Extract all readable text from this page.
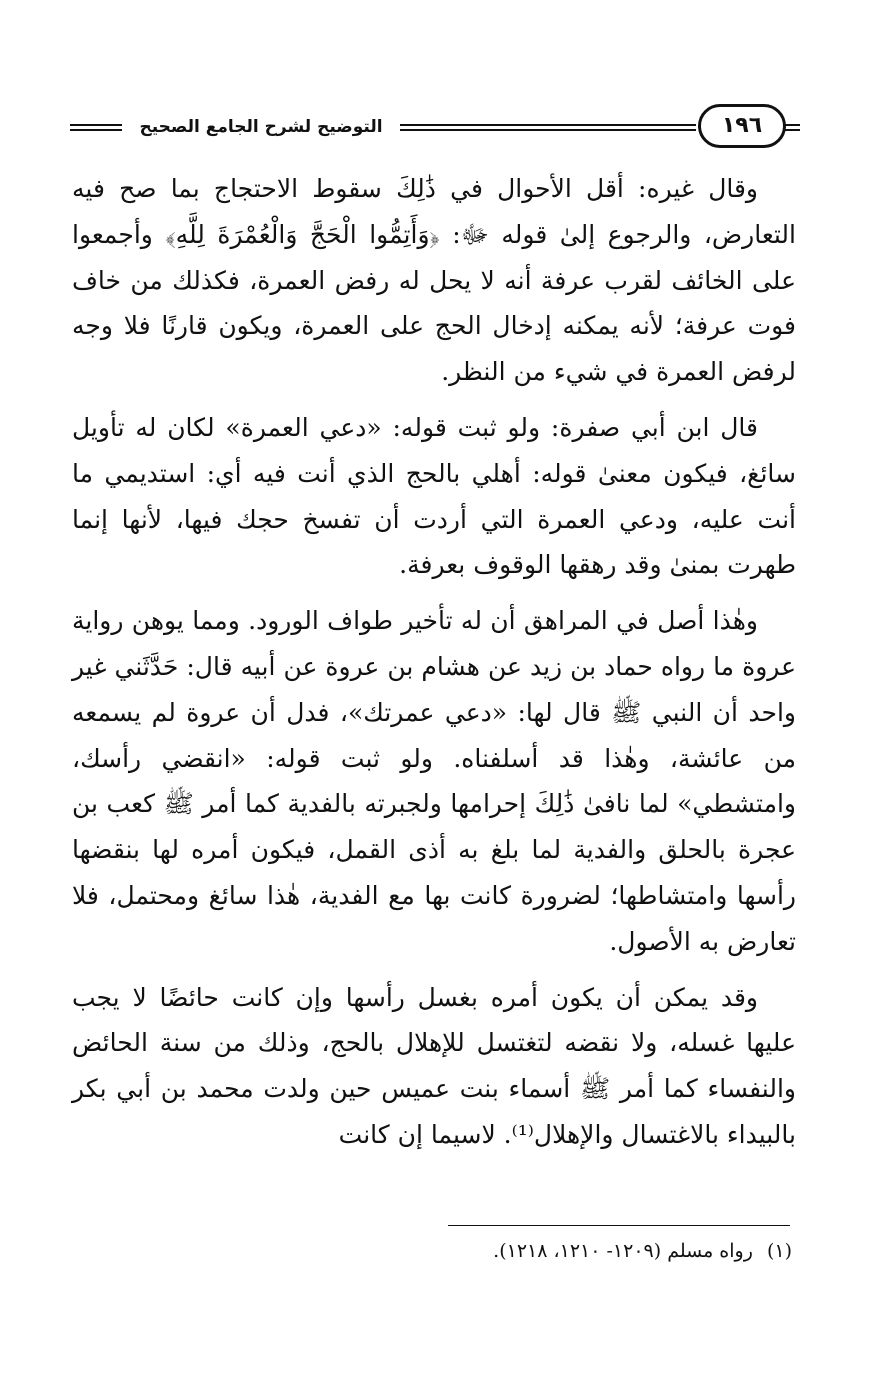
التوضيح لشرح الجامع الصحيح	١٩٦

وقال غيره: أقل الأحوال في ذَٰلِكَ سقوط الاحتجاج بما صح فيه التعارض، والرجوع إلىٰ قوله ﷻ: ﴿وَأَتِمُّوا الْحَجَّ وَالْعُمْرَةَ لِلَّهِ﴾ وأجمعوا على الخائف لقرب عرفة أنه لا يحل له رفض العمرة، فكذلك من خاف فوت عرفة؛ لأنه يمكنه إدخال الحج على العمرة، ويكون قارنًا فلا وجه لرفض العمرة في شيء من النظر.

قال ابن أبي صفرة: ولو ثبت قوله: «دعي العمرة» لكان له تأويل سائغ، فيكون معنىٰ قوله: أهلي بالحج الذي أنت فيه أي: استديمي ما أنت عليه، ودعي العمرة التي أردت أن تفسخ حجك فيها، لأنها إنما طهرت بمنىٰ وقد رهقها الوقوف بعرفة.

وهٰذا أصل في المراهق أن له تأخير طواف الورود. ومما يوهن رواية عروة ما رواه حماد بن زيد عن هشام بن عروة عن أبيه قال: حَدَّثَني غير واحد أن النبي ﷺ قال لها: «دعي عمرتك»، فدل أن عروة لم يسمعه من عائشة، وهٰذا قد أسلفناه. ولو ثبت قوله: «انقضي رأسك، وامتشطي» لما نافىٰ ذَٰلِكَ إحرامها ولجبرته بالفدية كما أمر ﷺ كعب بن عجرة بالحلق والفدية لما بلغ به أذى القمل، فيكون أمره لها بنقضها رأسها وامتشاطها؛ لضرورة كانت بها مع الفدية، هٰذا سائغ ومحتمل، فلا تعارض به الأصول.

وقد يمكن أن يكون أمره بغسل رأسها وإن كانت حائضًا لا يجب عليها غسله، ولا نقضه لتغتسل للإهلال بالحج، وذلك من سنة الحائض والنفساء كما أمر ﷺ أسماء بنت عميس حين ولدت محمد بن أبي بكر بالبيداء بالاغتسال والإهلال⁽¹⁾. لاسيما إن كانت

(١) رواه مسلم (١٢٠٩- ١٢١٠، ١٢١٨).
